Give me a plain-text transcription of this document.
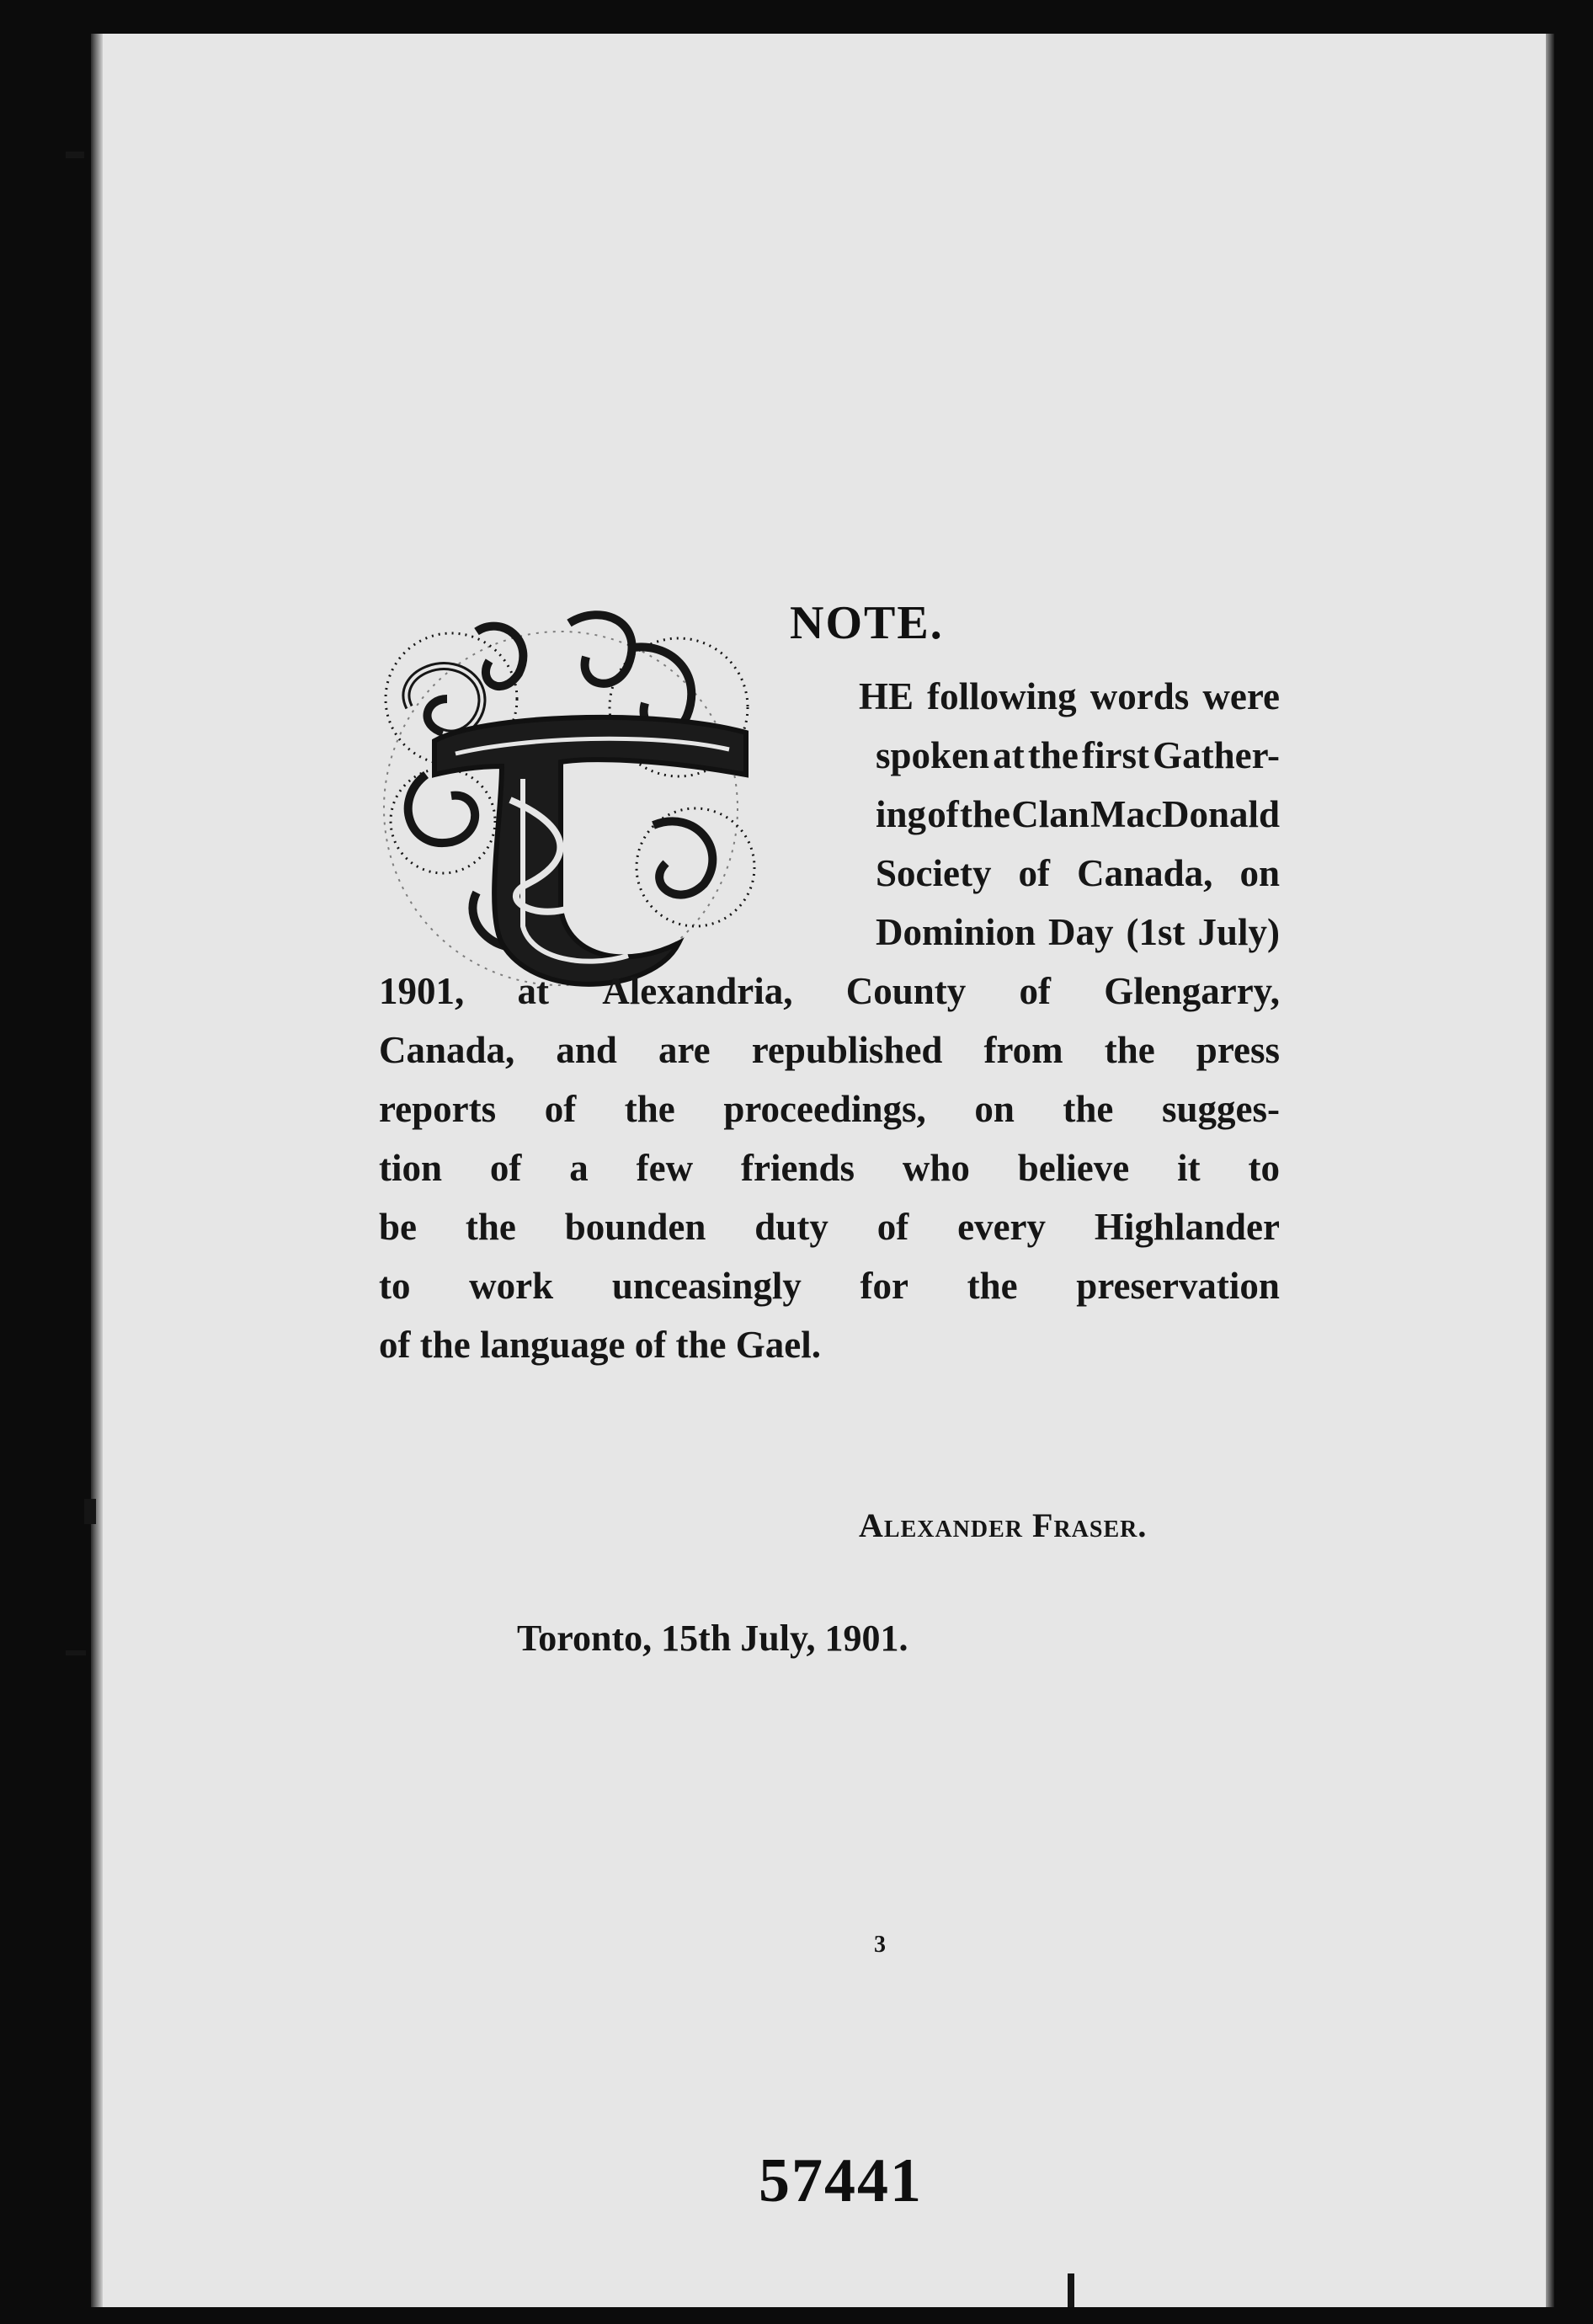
NOTE.
HE following words were
spoken at the first Gather-
ing of the Clan MacDonald
Society of Canada, on
Dominion Day (1st July)
1901, at Alexandria, County of Glengarry,
Canada, and are republished from the press
reports of the proceedings, on the sugges-
tion of a few friends who believe it to
be the bounden duty of every Highlander
to work unceasingly for the preservation
of the language of the Gael.
Alexander Fraser.
Toronto, 15th July, 1901.
3
57441
